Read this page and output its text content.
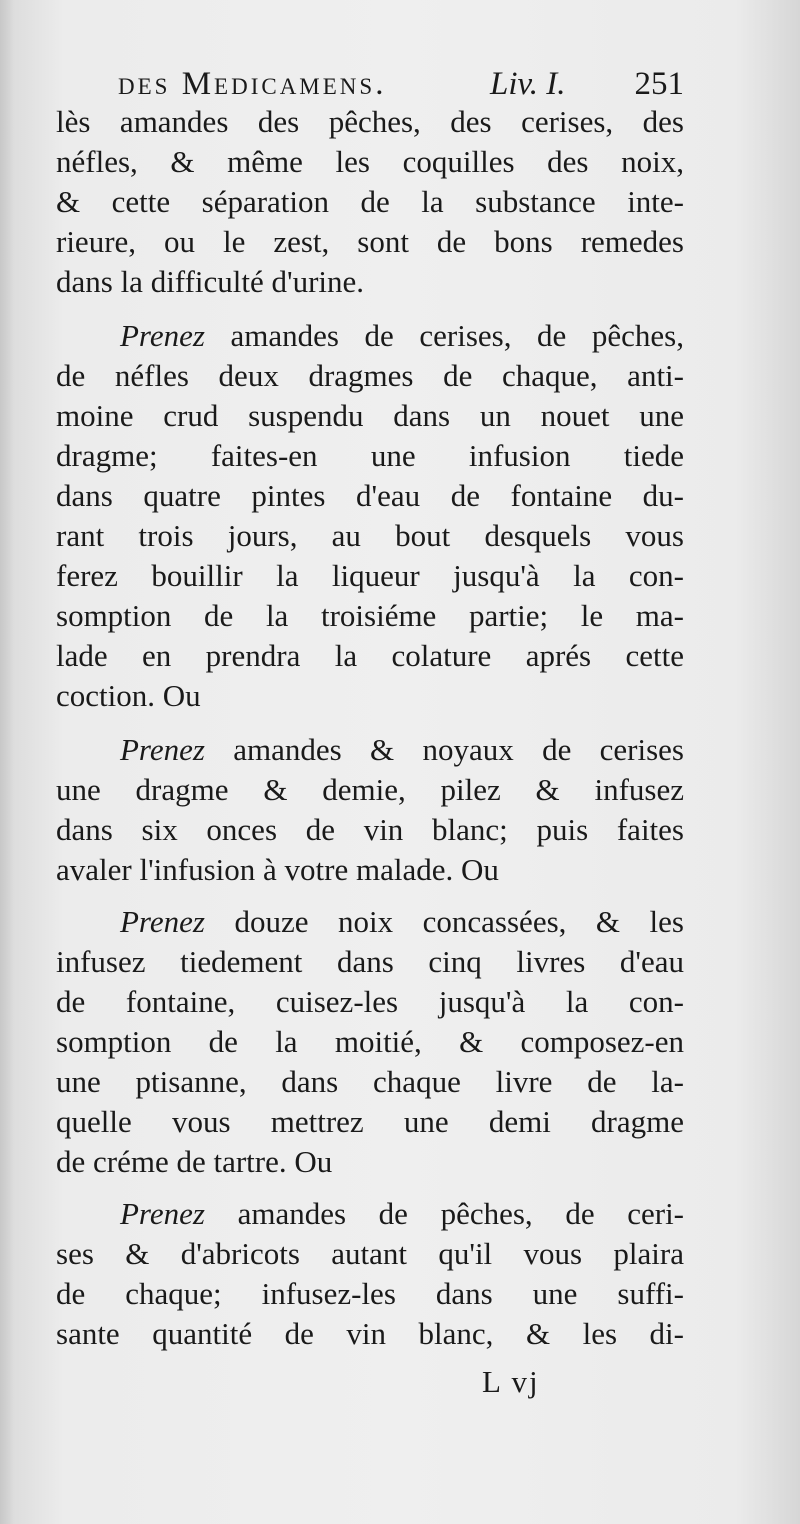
des Medicamens.	Liv. I. 251
lès amandes des pêches, des cerises, des
néfles, & même les coquilles des noix,
& cette séparation de la substance inte-
rieure, ou le zest, sont de bons remedes
dans la difficulté d'urine.
Prenez amandes de cerises, de pêches,
de néfles deux dragmes de chaque, anti-
moine crud suspendu dans un nouet une
dragme; faites-en une infusion tiede
dans quatre pintes d'eau de fontaine du-
rant trois jours, au bout desquels vous
ferez bouillir la liqueur jusqu'à la con-
somption de la troisiéme partie; le ma-
lade en prendra la colature aprés cette
coction. Ou
Prenez amandes & noyaux de cerises
une dragme & demie, pilez & infusez
dans six onces de vin blanc; puis faites
avaler l'infusion à votre malade. Ou
Prenez douze noix concassées, & les
infusez tiedement dans cinq livres d'eau
de fontaine, cuisez-les jusqu'à la con-
somption de la moitié, & composez-en
une ptisanne, dans chaque livre de la-
quelle vous mettrez une demi dragme
de créme de tartre. Ou
Prenez amandes de pêches, de ceri-
ses & d'abricots autant qu'il vous plaira
de chaque; infusez-les dans une suffi-
sante quantité de vin blanc, & les di-
L vj
